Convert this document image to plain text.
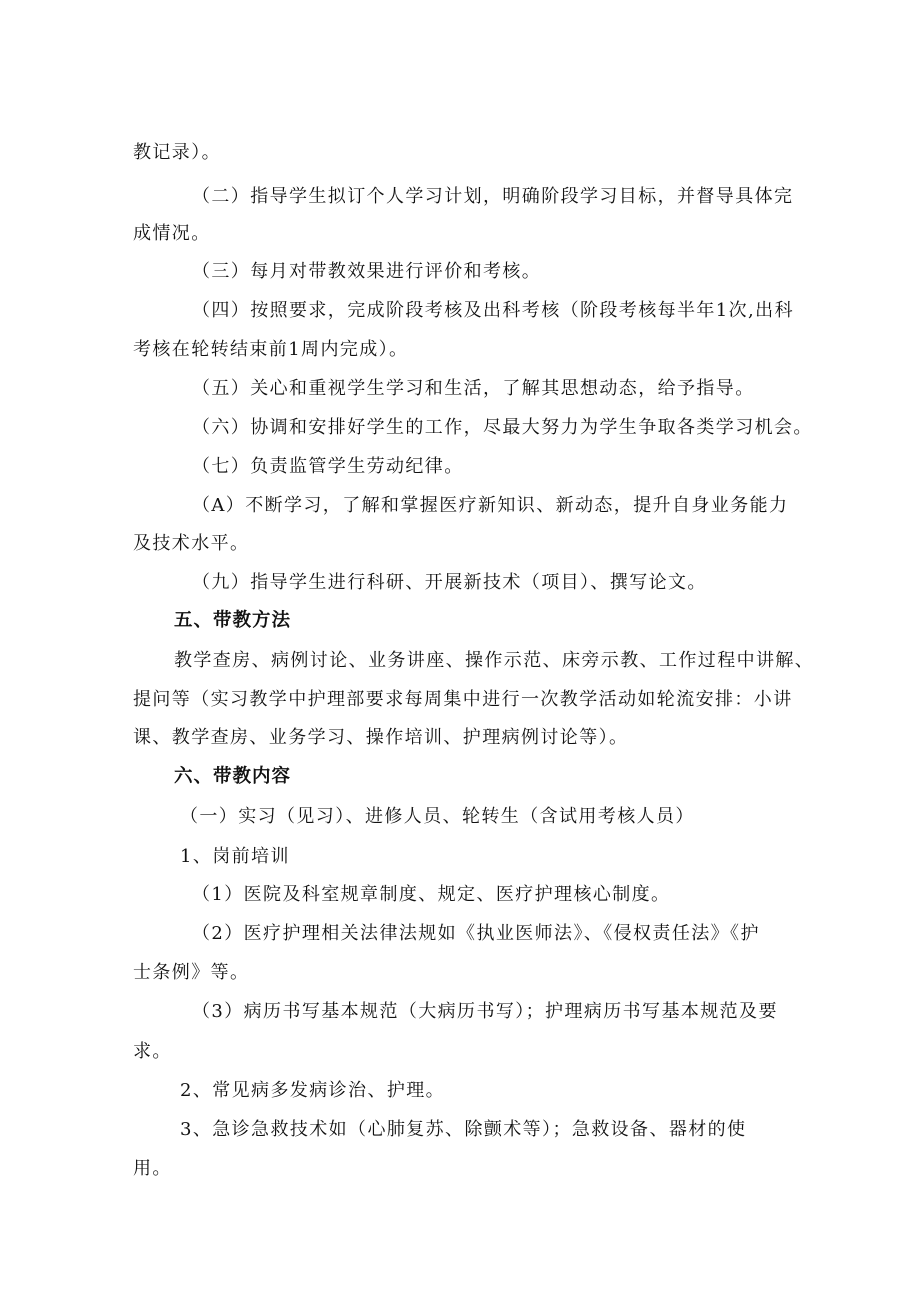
教记录）。
（二）指导学生拟订个人学习计划，明确阶段学习目标，并督导具体完
成情况。
（三）每月对带教效果进行评价和考核。
（四）按照要求，完成阶段考核及出科考核（阶段考核每半年1次,出科
考核在轮转结束前1周内完成）。
（五）关心和重视学生学习和生活，了解其思想动态，给予指导。
（六）协调和安排好学生的工作，尽最大努力为学生争取各类学习机会。
（七）负责监管学生劳动纪律。
（A）不断学习，了解和掌握医疗新知识、新动态，提升自身业务能力
及技术水平。
（九）指导学生进行科研、开展新技术（项目）、撰写论文。
五、带教方法
教学查房、病例讨论、业务讲座、操作示范、床旁示教、工作过程中讲解、
提问等（实习教学中护理部要求每周集中进行一次教学活动如轮流安排：小讲
课、教学查房、业务学习、操作培训、护理病例讨论等）。
六、带教内容
（一）实习（见习）、进修人员、轮转生（含试用考核人员）
1、岗前培训
（1）医院及科室规章制度、规定、医疗护理核心制度。
（2）医疗护理相关法律法规如《执业医师法》、《侵权责任法》《护
士条例》等。
（3）病历书写基本规范（大病历书写）；护理病历书写基本规范及要
求。
2、常见病多发病诊治、护理。
3、急诊急救技术如（心肺复苏、除颤术等）；急救设备、器材的使
用。
